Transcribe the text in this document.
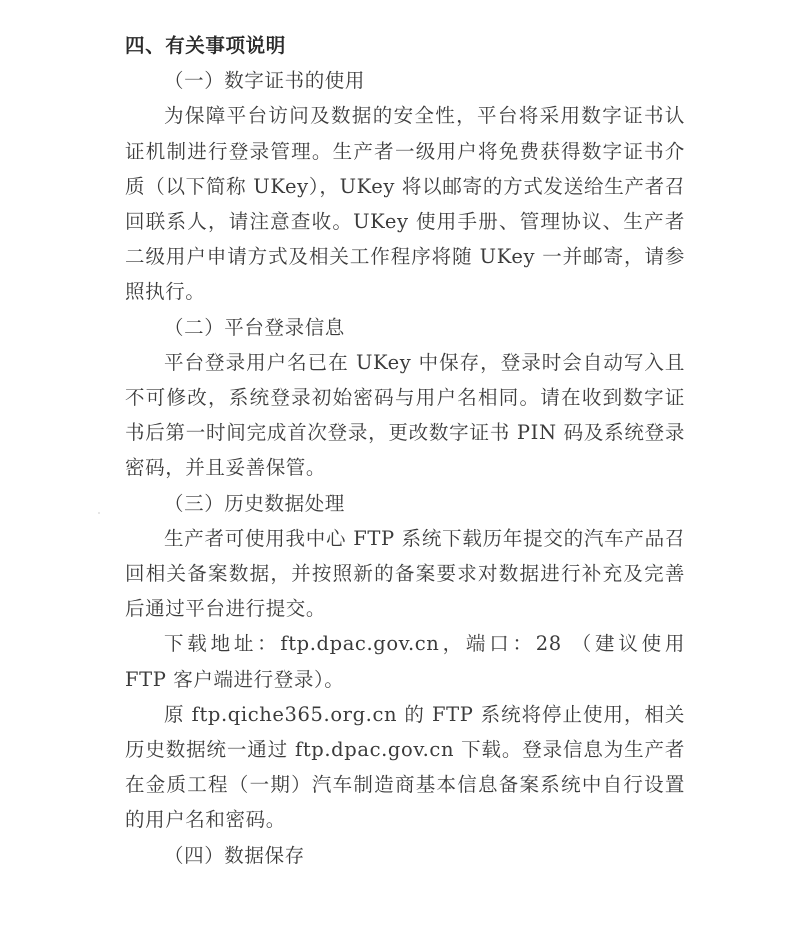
四、有关事项说明
（一）数字证书的使用

为保障平台访问及数据的安全性，平台将采用数字证书认证机制进行登录管理。生产者一级用户将免费获得数字证书介质（以下简称 UKey），UKey 将以邮寄的方式发送给生产者召回联系人，请注意查收。UKey 使用手册、管理协议、生产者二级用户申请方式及相关工作程序将随 UKey 一并邮寄，请参照执行。

（二）平台登录信息

平台登录用户名已在 UKey 中保存，登录时会自动写入且不可修改，系统登录初始密码与用户名相同。请在收到数字证书后第一时间完成首次登录，更改数字证书 PIN 码及系统登录密码，并且妥善保管。

（三）历史数据处理

生产者可使用我中心 FTP 系统下载历年提交的汽车产品召回相关备案数据，并按照新的备案要求对数据进行补充及完善后通过平台进行提交。

下载地址：ftp.dpac.gov.cn，端口：28 （建议使用 FTP 客户端进行登录）。

原 ftp.qiche365.org.cn 的 FTP 系统将停止使用，相关历史数据统一通过 ftp.dpac.gov.cn 下载。登录信息为生产者在金质工程（一期）汽车制造商基本信息备案系统中自行设置的用户名和密码。

（四）数据保存
